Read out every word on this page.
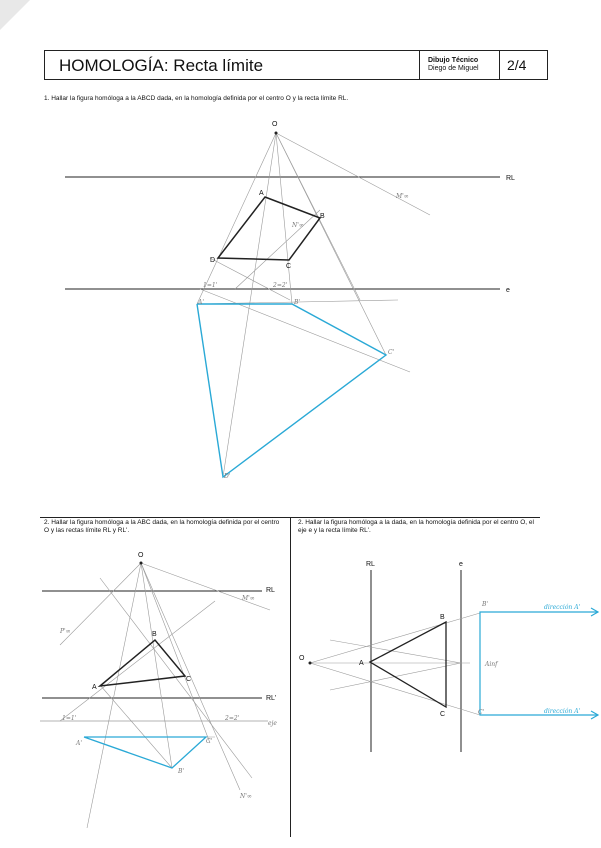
HOMOLOGÍA: Recta límite	Dibujo Técnico
Diego de Miguel 2/4
1. Hallar la figura homóloga a la ABCD dada, en la homología definida por el centro O y la recta límite RL.
2. Hallar la figura homóloga a la ABC dada, en la homología definida por el centro O y las rectas límite RL y RL'.
2. Hallar la figura homóloga a la dada, en la homología definida por el centro O, el eje e y la recta límite RL'.
RL
e
O
A
B
C
D
A'	B'
C'
D'
M'∞
N'∞
1=1'	2=2'
RL
RL'
eje
O
A
B
C
A'	C'
B'
M'∞
N'∞
P'∞
1=1'	2=2'
RL	e
O
A
B
C
B'
C'
Ainf
dirección A'
dirección A'
